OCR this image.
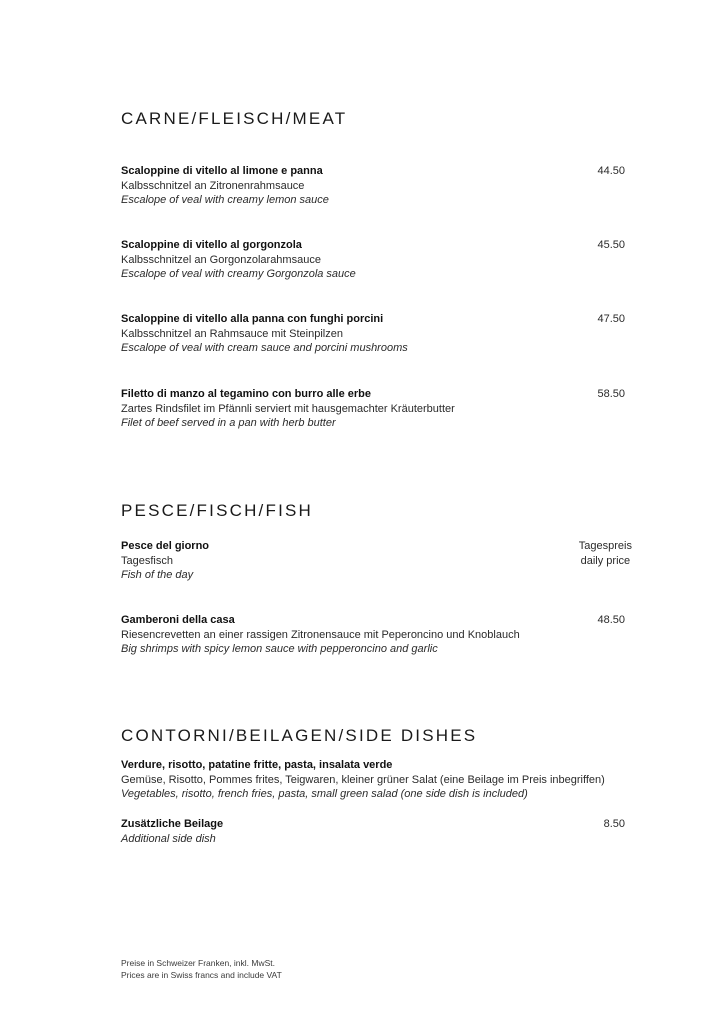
CARNE/FLEISCH/MEAT
Scaloppine di vitello al limone e panna
Kalbsschnitzel an Zitronenrahmsauce
Escalope of veal with creamy lemon sauce
44.50
Scaloppine di vitello al gorgonzola
Kalbsschnitzel an Gorgonzolarahmsauce
Escalope of veal with creamy Gorgonzola sauce
45.50
Scaloppine di vitello alla panna con funghi porcini
Kalbsschnitzel an Rahmsauce mit Steinpilzen
Escalope of veal with cream sauce and porcini mushrooms
47.50
Filetto di manzo al tegamino con burro alle erbe
Zartes Rindsfilet im Pfännli serviert mit hausgemachter Kräuterbutter
Filet of beef served in a pan with herb butter
58.50
PESCE/FISCH/FISH
Pesce del giorno
Tagesfisch
Fish of the day
Tagespreis
daily price
Gamberoni della casa
Riesencrevetten an einer rassigen Zitronensauce mit Peperoncino und Knoblauch
Big shrimps with spicy lemon sauce with pepperoncino and garlic
48.50
CONTORNI/BEILAGEN/SIDE DISHES
Verdure, risotto, patatine fritte, pasta, insalata verde
Gemüse, Risotto, Pommes frites, Teigwaren, kleiner grüner Salat (eine Beilage im Preis inbegriffen)
Vegetables, risotto, french fries, pasta, small green salad (one side dish is included)
Zusätzliche Beilage
Additional side dish
8.50
Preise in Schweizer Franken, inkl. MwSt.
Prices are in Swiss francs and include VAT
